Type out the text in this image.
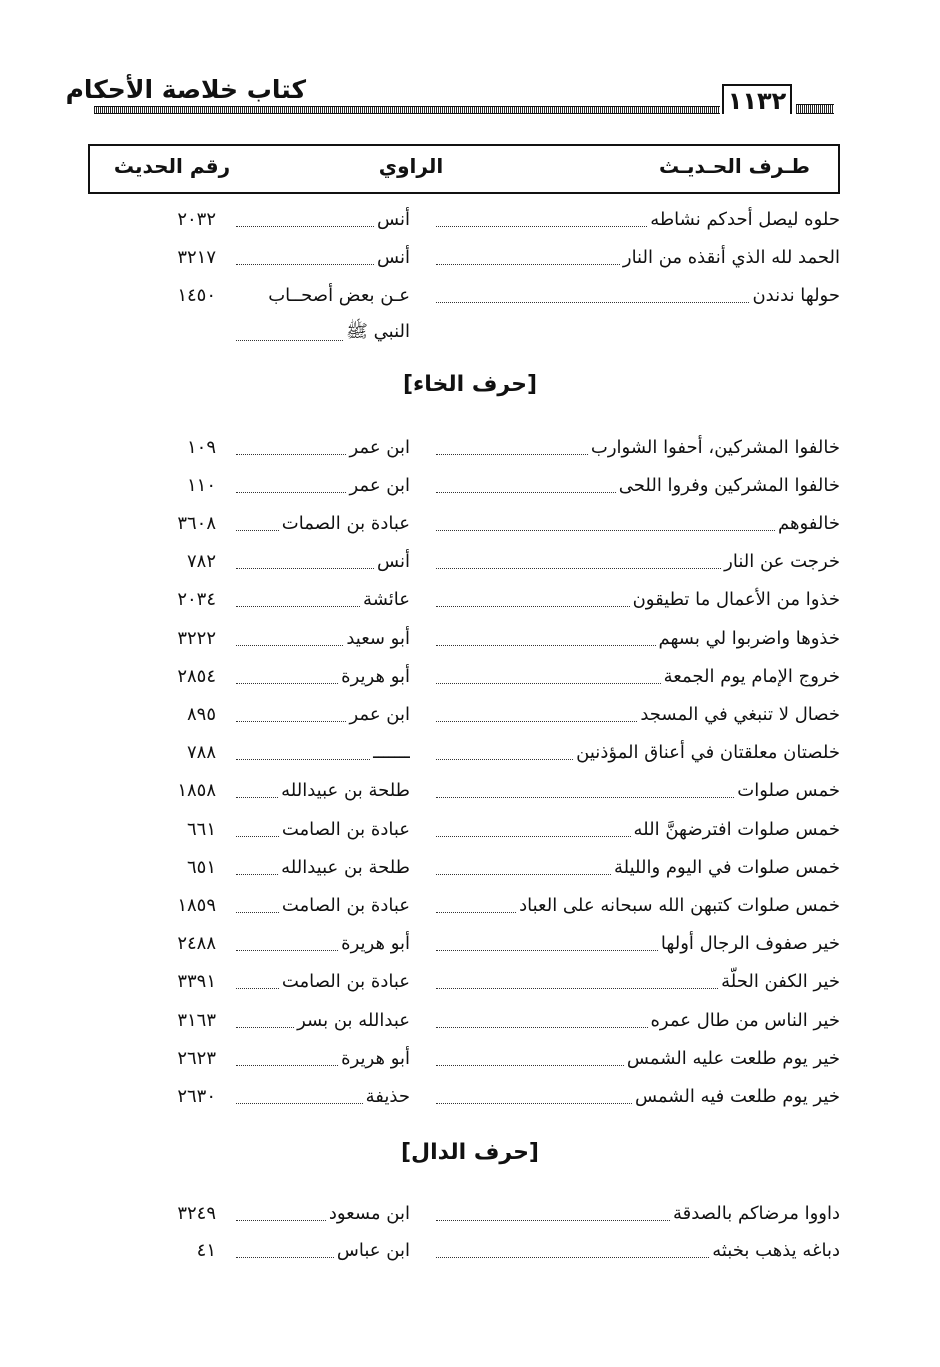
كتاب خلاصة الأحكام	١١٣٢
طـرف الحـديـث
الراوي
رقم الحديث
حلوه ليصل أحدكم نشاطه
أنس
٢٠٣٢
الحمد لله الذي أنقذه من النار
أنس
٣٢١٧
حولها ندندن
عـن بعض أصحــاب
١٤٥٠
النبي ﷺ
[حرف الخاء]
خالفوا المشركين، أحفوا الشوارب
ابن عمر
١٠٩
خالفوا المشركين وفروا اللحى
ابن عمر
١١٠
خالفوهم
عبادة بن الصمات
٣٦٠٨
خرجت عن النار
أنس
٧٨٢
خذوا من الأعمال ما تطيقون
عائشة
٢٠٣٤
خذوها واضربوا لي بسهم
أبو سعيد
٣٢٢٢
خروج الإمام يوم الجمعة
أبو هريرة
٢٨٥٤
خصال لا تنبغي في المسجد
ابن عمر
٨٩٥
خلصتان معلقتان في أعناق المؤذنين
ـــــــ
٧٨٨
خمس صلوات
طلحة بن عبيدالله
١٨٥٨
خمس صلوات افترضهنَّ الله
عبادة بن الصامت
٦٦١
خمس صلوات في اليوم والليلة
طلحة بن عبيدالله
٦٥١
خمس صلوات كتبهن الله سبحانه على العباد
عبادة بن الصامت
١٨٥٩
خير صفوف الرجال أولها
أبو هريرة
٢٤٨٨
خير الكفن الحلّة
عبادة بن الصامت
٣٣٩١
خير الناس من طال عمره
عبدالله بن بسر
٣١٦٣
خير يوم طلعت عليه الشمس
أبو هريرة
٢٦٢٣
خير يوم طلعت فيه الشمس
حذيفة
٢٦٣٠
[حرف الدال]
داووا مرضاكم بالصدقة
ابن مسعود
٣٢٤٩
دباغه يذهب بخبثه
ابن عباس
٤١
